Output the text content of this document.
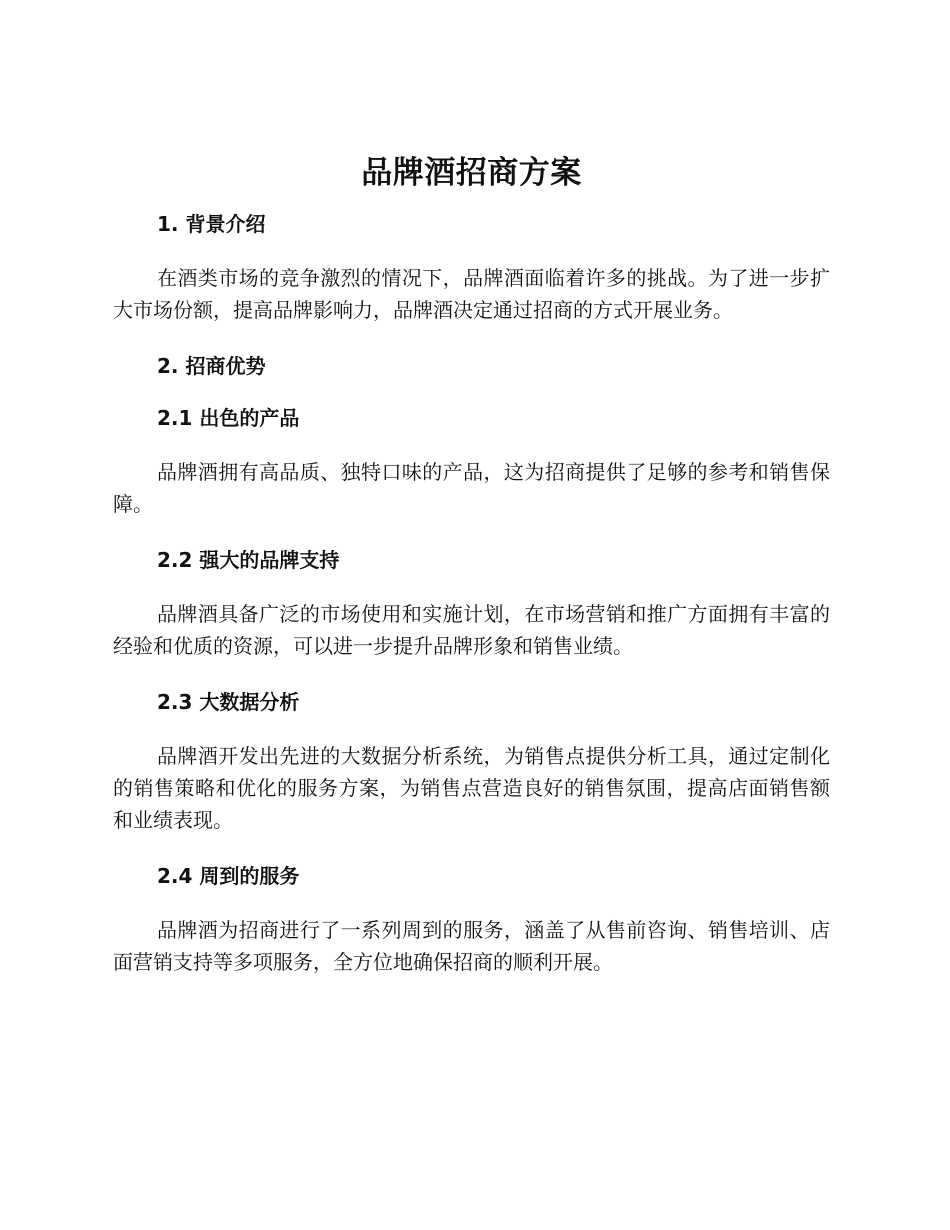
品牌酒招商方案
1. 背景介绍

在酒类市场的竞争激烈的情况下，品牌酒面临着许多的挑战。为了进一步扩大市场份额，提高品牌影响力，品牌酒决定通过招商的方式开展业务。

2. 招商优势
2.1 出色的产品

品牌酒拥有高品质、独特口味的产品，这为招商提供了足够的参考和销售保障。

2.2 强大的品牌支持

品牌酒具备广泛的市场使用和实施计划，在市场营销和推广方面拥有丰富的经验和优质的资源，可以进一步提升品牌形象和销售业绩。

2.3 大数据分析

品牌酒开发出先进的大数据分析系统，为销售点提供分析工具，通过定制化的销售策略和优化的服务方案，为销售点营造良好的销售氛围，提高店面销售额和业绩表现。

2.4 周到的服务

品牌酒为招商进行了一系列周到的服务，涵盖了从售前咨询、销售培训、店面营销支持等多项服务，全方位地确保招商的顺利开展。
